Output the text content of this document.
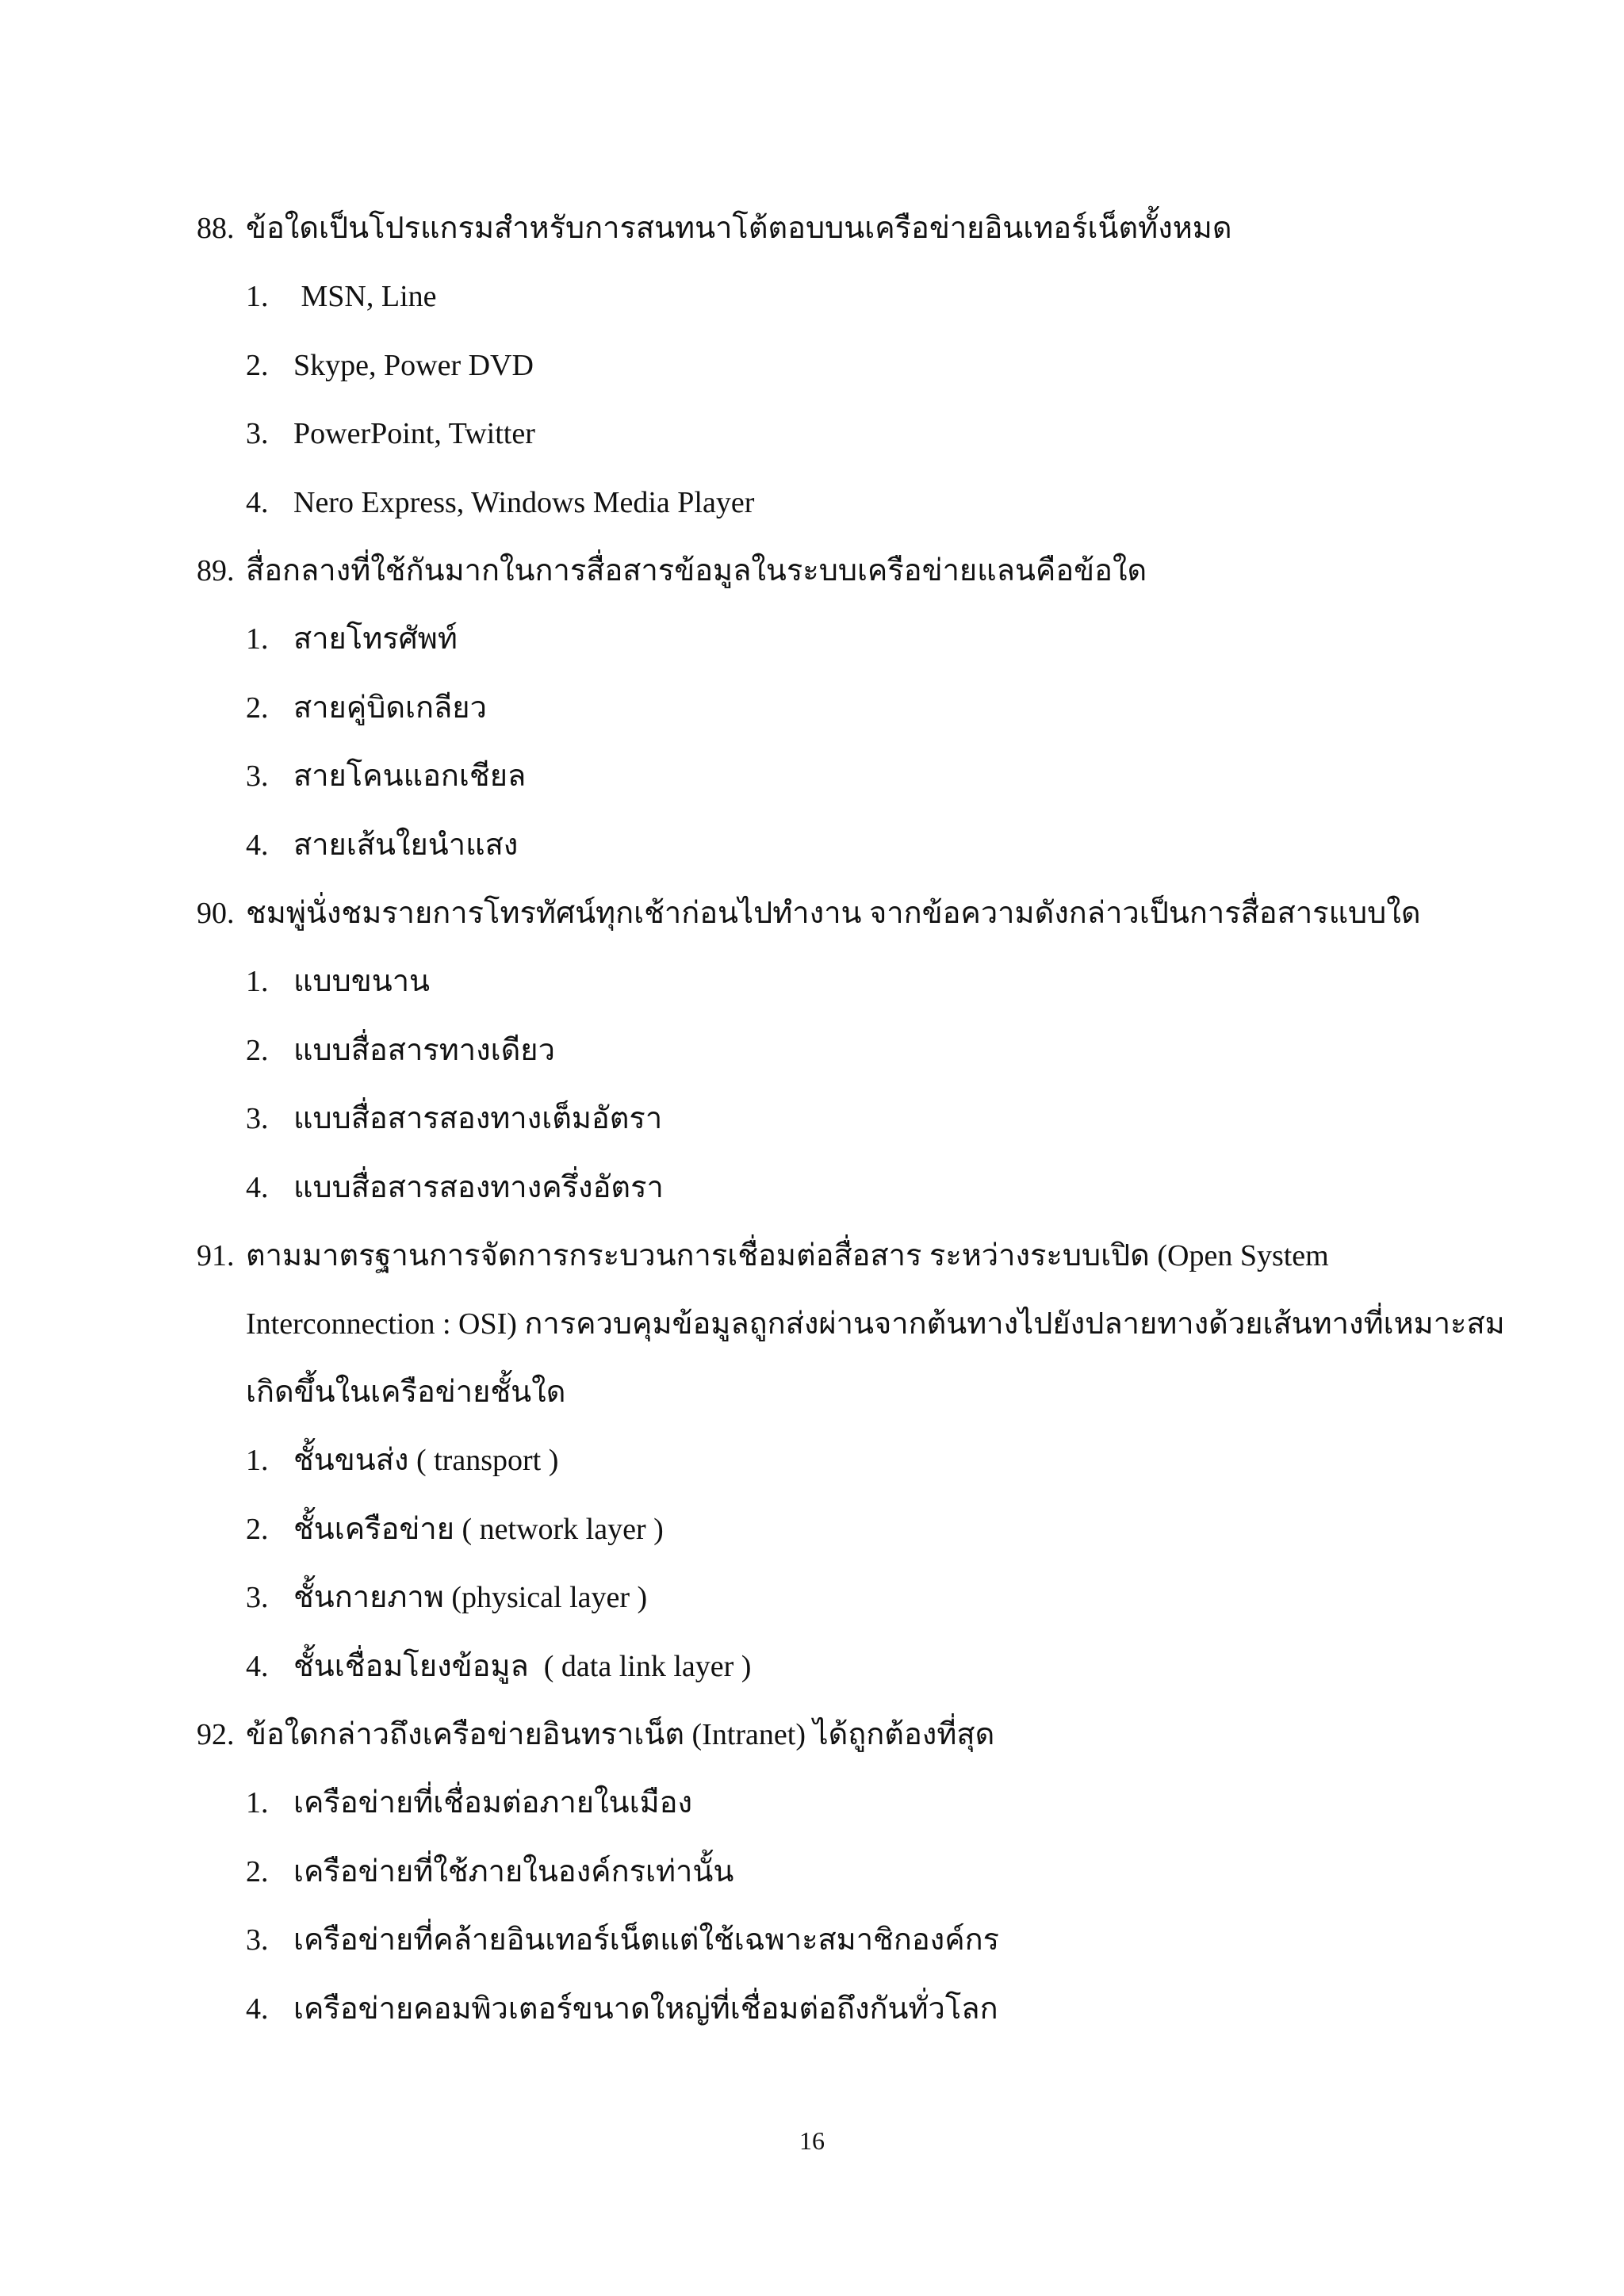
88. ข้อใดเป็นโปรแกรมสำหรับการสนทนาโต้ตอบบนเครือข่ายอินเทอร์เน็ตทั้งหมด
1. MSN, Line
2. Skype, Power DVD
3. PowerPoint, Twitter
4. Nero Express, Windows Media Player
89. สื่อกลางที่ใช้กันมากในการสื่อสารข้อมูลในระบบเครือข่ายแลนคือข้อใด
1. สายโทรศัพท์
2. สายคู่บิดเกลียว
3. สายโคนแอกเชียล
4. สายเส้นใยนำแสง
90. ชมพู่นั่งชมรายการโทรทัศน์ทุกเช้าก่อนไปทำงาน จากข้อความดังกล่าวเป็นการสื่อสารแบบใด
1. แบบขนาน
2. แบบสื่อสารทางเดียว
3. แบบสื่อสารสองทางเต็มอัตรา
4. แบบสื่อสารสองทางครึ่งอัตรา
91. ตามมาตรฐานการจัดการกระบวนการเชื่อมต่อสื่อสาร ระหว่างระบบเปิด (Open System
Interconnection : OSI) การควบคุมข้อมูลถูกส่งผ่านจากต้นทางไปยังปลายทางด้วยเส้นทางที่เหมาะสม
เกิดขึ้นในเครือข่ายชั้นใด
1. ชั้นขนส่ง ( transport )
2. ชั้นเครือข่าย ( network layer )
3. ชั้นกายภาพ (physical layer )
4. ชั้นเชื่อมโยงข้อมูล  ( data link layer )
92. ข้อใดกล่าวถึงเครือข่ายอินทราเน็ต (Intranet) ได้ถูกต้องที่สุด
1. เครือข่ายที่เชื่อมต่อภายในเมือง
2. เครือข่ายที่ใช้ภายในองค์กรเท่านั้น
3. เครือข่ายที่คล้ายอินเทอร์เน็ตแต่ใช้เฉพาะสมาชิกองค์กร
4. เครือข่ายคอมพิวเตอร์ขนาดใหญ่ที่เชื่อมต่อถึงกันทั่วโลก
16
